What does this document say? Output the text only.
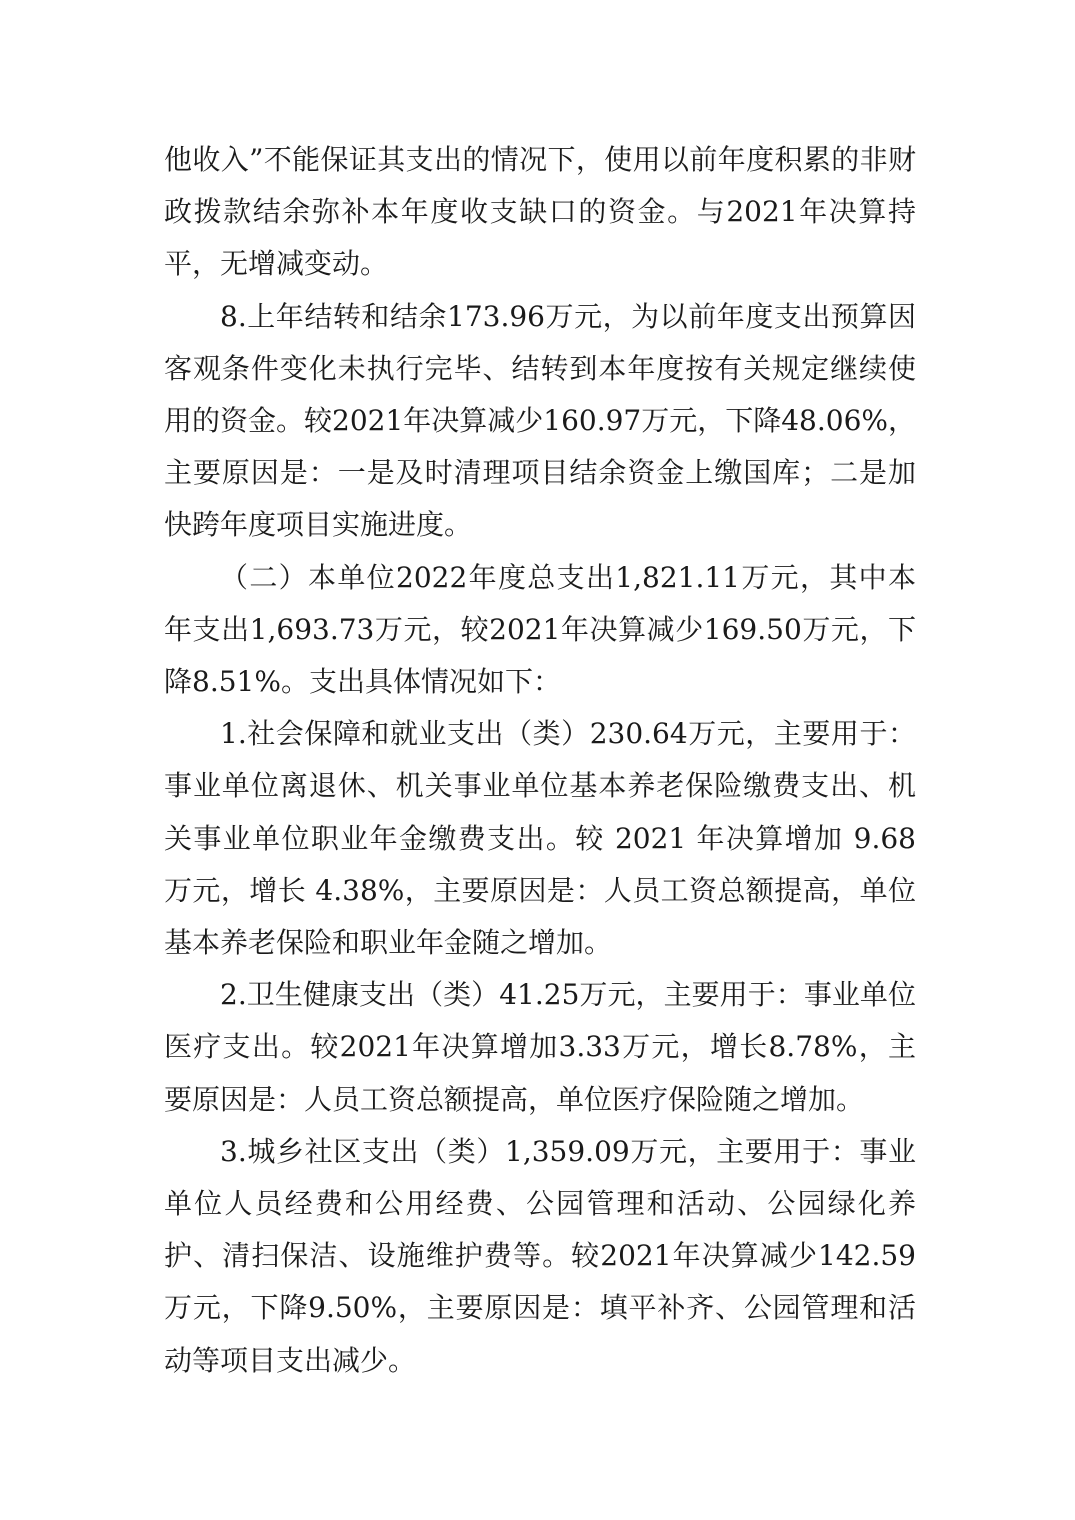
他收入”不能保证其支出的情况下，使用以前年度积累的非财政拨款结余弥补本年度收支缺口的资金。与2021年决算持平，无增减变动。

8.上年结转和结余173.96万元，为以前年度支出预算因客观条件变化未执行完毕、结转到本年度按有关规定继续使用的资金。较2021年决算减少160.97万元，下降48.06%，主要原因是：一是及时清理项目结余资金上缴国库；二是加快跨年度项目实施进度。

（二）本单位2022年度总支出1,821.11万元，其中本年支出1,693.73万元，较2021年决算减少169.50万元，下降8.51%。支出具体情况如下：

1.社会保障和就业支出（类）230.64万元，主要用于：事业单位离退休、机关事业单位基本养老保险缴费支出、机关事业单位职业年金缴费支出。较 2021 年决算增加 9.68 万元，增长 4.38%，主要原因是：人员工资总额提高，单位基本养老保险和职业年金随之增加。

2.卫生健康支出（类）41.25万元，主要用于：事业单位医疗支出。较2021年决算增加3.33万元，增长8.78%，主要原因是：人员工资总额提高，单位医疗保险随之增加。

3.城乡社区支出（类）1,359.09万元，主要用于：事业单位人员经费和公用经费、公园管理和活动、公园绿化养护、清扫保洁、设施维护费等。较2021年决算减少142.59万元，下降9.50%，主要原因是：填平补齐、公园管理和活动等项目支出减少。
